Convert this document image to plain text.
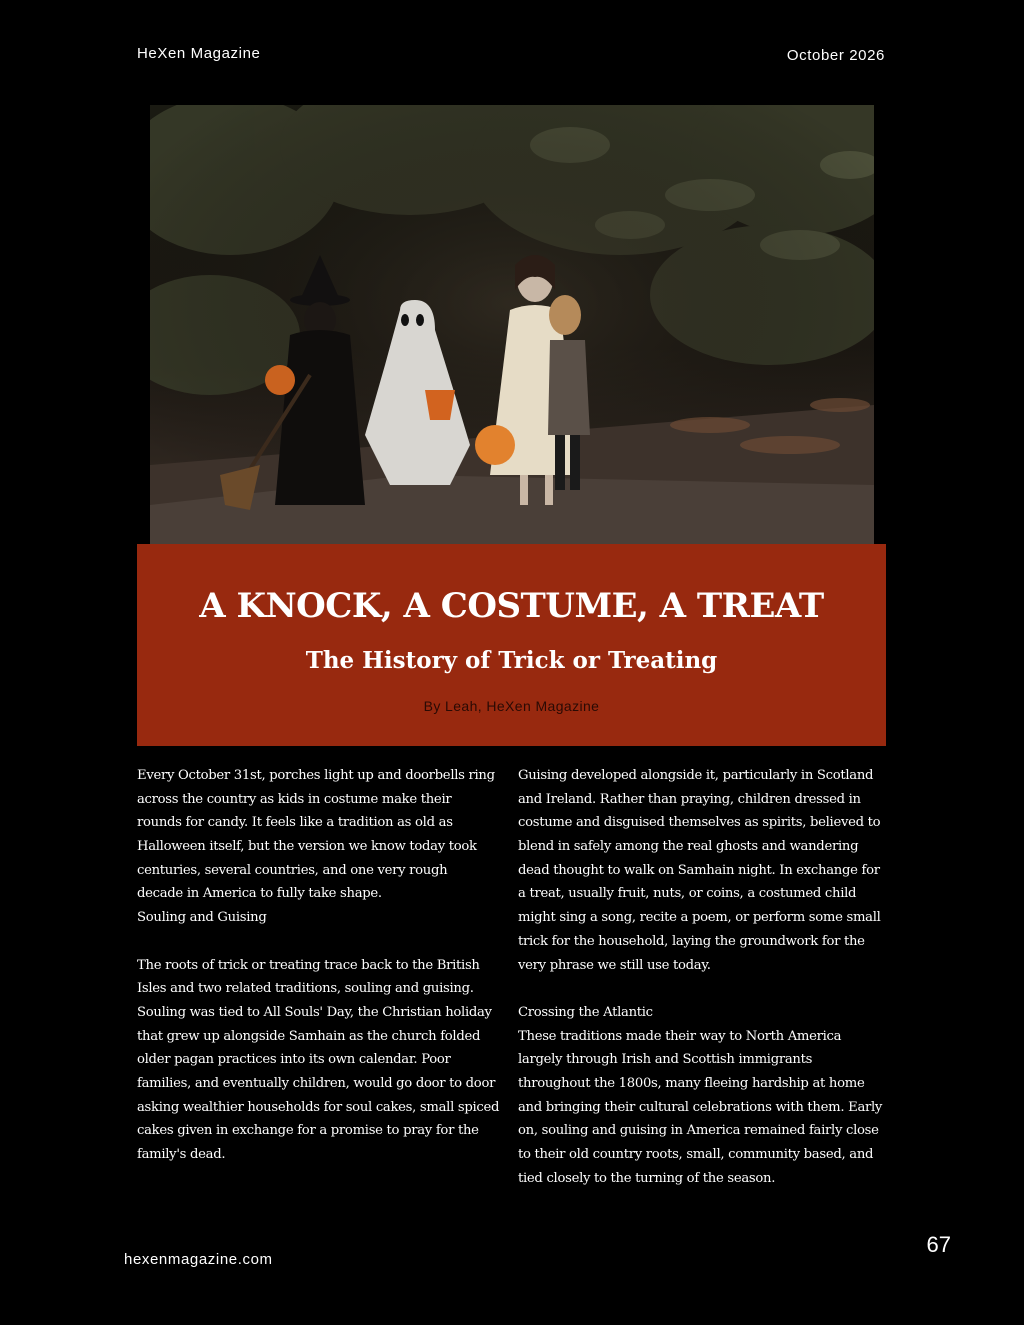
HeXen Magazine	October 2026
A KNOCK, A COSTUME, A TREAT
The History of Trick or Treating
By Leah, HeXen Magazine
Every October 31st, porches light up and doorbells ring
across the country as kids in costume make their
rounds for candy. It feels like a tradition as old as
Halloween itself, but the version we know today took
centuries, several countries, and one very rough
decade in America to fully take shape.
Souling and Guising
The roots of trick or treating trace back to the British
Isles and two related traditions, souling and guising.
Souling was tied to All Souls' Day, the Christian holiday
that grew up alongside Samhain as the church folded
older pagan practices into its own calendar. Poor
families, and eventually children, would go door to door
asking wealthier households for soul cakes, small spiced
cakes given in exchange for a promise to pray for the
family's dead.
Guising developed alongside it, particularly in Scotland
and Ireland. Rather than praying, children dressed in
costume and disguised themselves as spirits, believed to
blend in safely among the real ghosts and wandering
dead thought to walk on Samhain night. In exchange for
a treat, usually fruit, nuts, or coins, a costumed child
might sing a song, recite a poem, or perform some small
trick for the household, laying the groundwork for the
very phrase we still use today.
Crossing the Atlantic
These traditions made their way to North America
largely through Irish and Scottish immigrants
throughout the 1800s, many fleeing hardship at home
and bringing their cultural celebrations with them. Early
on, souling and guising in America remained fairly close
to their old country roots, small, community based, and
tied closely to the turning of the season.
hexenmagazine.com
67
